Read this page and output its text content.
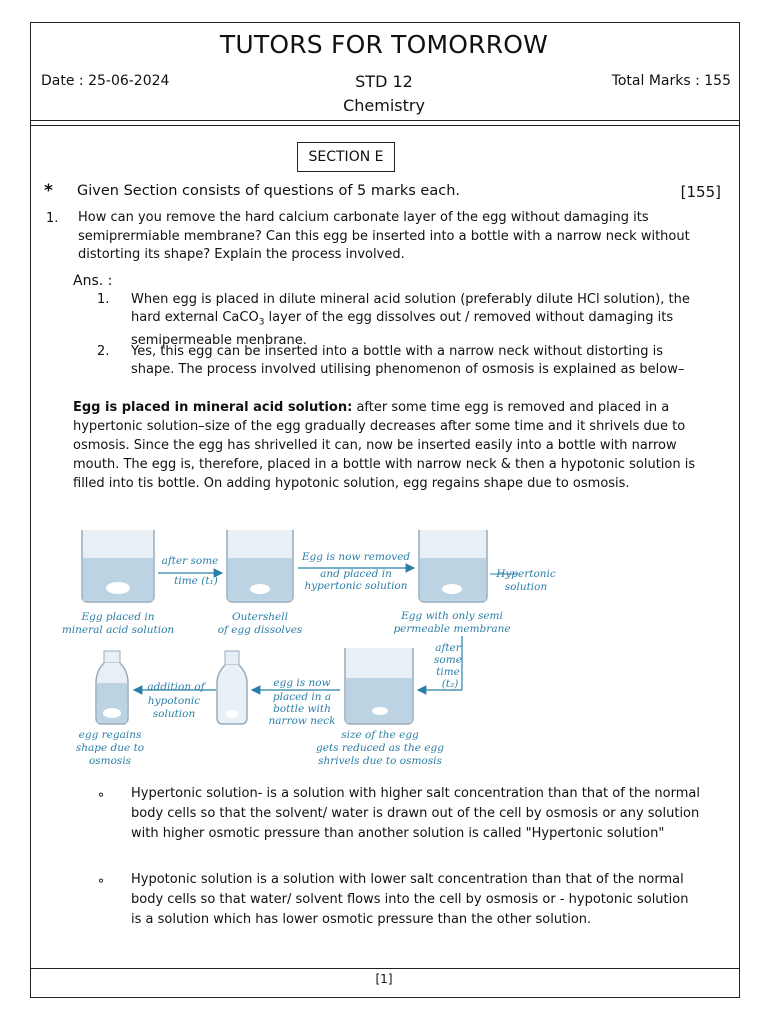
TUTORS FOR TOMORROW
Date : 25-06-2024	STD 12
Chemistry
Total Marks : 155
SECTION E
* Given Section consists of questions of 5 marks each.	[155]
1. How can you remove the hard calcium carbonate layer of the egg without damaging its semiprermiable membrane? Can this egg be inserted into a bottle with a narrow neck without distorting its shape? Explain the process involved.
Ans. :
1. When egg is placed in dilute mineral acid solution (preferably dilute HCl solution), the hard external CaCO$_3$ layer of the egg dissolves out / removed without damaging its semipermeable menbrane.
2. Yes, this egg can be inserted into a bottle with a narrow neck without distorting is shape. The process involved utilising phenomenon of osmosis is explained as below–
Egg is placed in mineral acid solution: after some time egg is removed and placed in a hypertonic solution–size of the egg gradually decreases after some time and it shrivels due to osmosis. Since the egg has shrivelled it can, now be inserted easily into a bottle with narrow mouth. The egg is, therefore, placed in a bottle with narrow neck & then a hypotonic solution is filled into tis bottle. On adding hypotonic solution, egg regains shape due to osmosis.
Egg placed in
mineral acid solution
after some
time (t₁)
Outershell
of egg dissolves
Egg is now removed
and placed in
hypertonic solution
Hypertonic
solution
Egg with only semi
permeable membrane
after
some
time
(t₂)
size of the egg
gets reduced as the egg
shrivels due to osmosis
egg is now
placed in a
bottle with
narrow neck
addition of
hypotonic
solution
egg regains
shape due to
osmosis
⚬ Hypertonic solution- is a solution with higher salt concentration than that of the normal body cells so that the solvent/ water is drawn out of the cell by osmosis or any solution with higher osmotic pressure than another solution is called "Hypertonic solution"
⚬ Hypotonic solution is a solution with lower salt concentration than that of the normal body cells so that water/ solvent flows into the cell by osmosis or - hypotonic solution is a solution which has lower osmotic pressure than the other solution.
[1]
